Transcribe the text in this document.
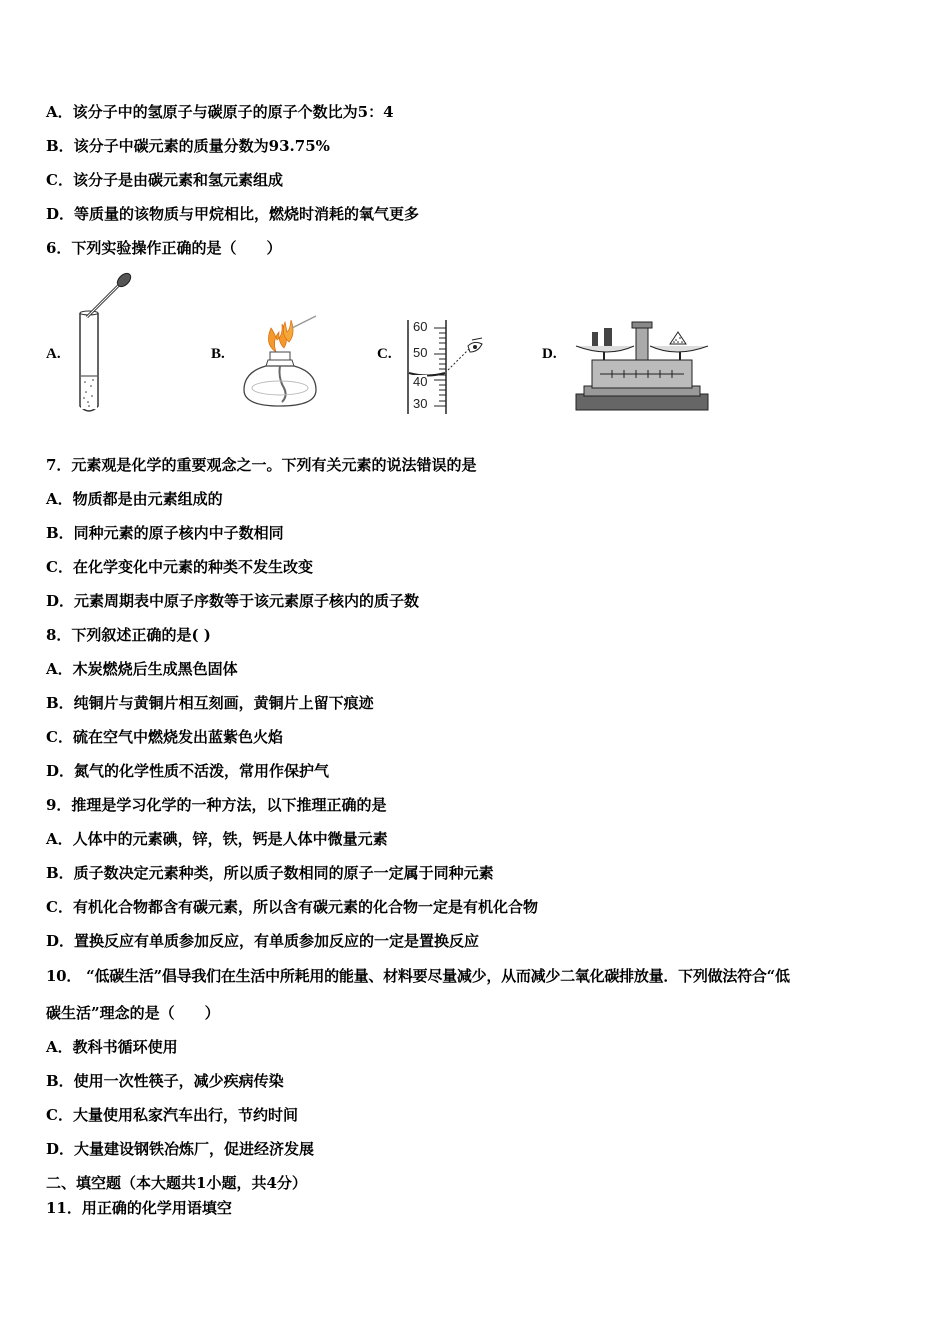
A．该分子中的氢原子与碳原子的原子个数比为5：4
B．该分子中碳元素的质量分数为93.75%
C．该分子是由碳元素和氢元素组成
D．等质量的该物质与甲烷相比，燃烧时消耗的氧气更多
6．下列实验操作正确的是（　　）
A.	B.	C.	D.
60
50
40
30
7．元素观是化学的重要观念之一。下列有关元素的说法错误的是
A．物质都是由元素组成的
B．同种元素的原子核内中子数相同
C．在化学变化中元素的种类不发生改变
D．元素周期表中原子序数等于该元素原子核内的质子数
8．下列叙述正确的是( )
A．木炭燃烧后生成黑色固体
B．纯铜片与黄铜片相互刻画，黄铜片上留下痕迹
C．硫在空气中燃烧发出蓝紫色火焰
D．氮气的化学性质不活泼，常用作保护气
9．推理是学习化学的一种方法，以下推理正确的是
A．人体中的元素碘，锌，铁，钙是人体中微量元素
B．质子数决定元素种类，所以质子数相同的原子一定属于同种元素
C．有机化合物都含有碳元素，所以含有碳元素的化合物一定是有机化合物
D．置换反应有单质参加反应，有单质参加反应的一定是置换反应
10． “低碳生活”倡导我们在生活中所耗用的能量、材料要尽量减少，从而减少二氧化碳排放量．下列做法符合“低
碳生活”理念的是（　　）
A．教科书循环使用
B．使用一次性筷子，减少疾病传染
C．大量使用私家汽车出行，节约时间
D．大量建设钢铁冶炼厂，促进经济发展
二、填空题（本大题共1小题，共4分）
11．用正确的化学用语填空
